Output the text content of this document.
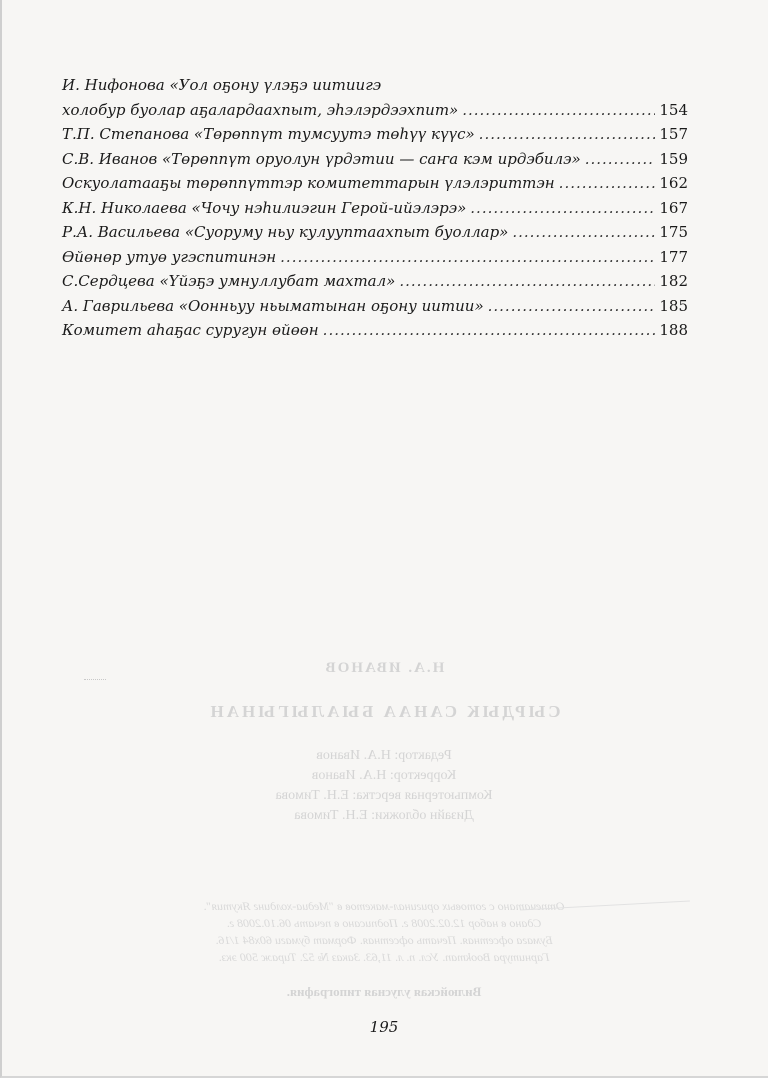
И. Нифонова «Уол оҕону үлэҕэ иитиигэ
холобур буолар аҕалардаахпыт, эһэлэрдээхпит» .....	154
Т.П. Степанова «Төрөппүт тумсуутэ төһүү күүс» .....	157
С.В. Иванов «Төрөппүт оруолун үрдэтии — саҥа кэм ирдэбилэ» .....	159
Оскуолатааҕы төрөппүттэр комитеттарын үлэлэриттэн .....	162
К.Н. Николаева «Чочу нэһилиэгин Герой-ийэлэрэ» .....	167
Р.А. Васильева «Суоруму ньу кулууптаахпыт буоллар» .....	175
Өйөнөр утуө угэспитинэн .....	177
С.Сердцева «Үйэҕэ умнуллубат махтал» .....	182
А. Гаврильева «Оонньуу ньыматынан оҕону иитии» .....	185
Комитет аһаҕас суругун өйөөн .....	188
Н.А. ИВАНОВ
СЫРДЫК САНАА БЫАЛЫГЫНАН
Редактор: Н.А. Иванов
Корректор: Н.А. Иванов
Компьютерная верстка: Е.Н. Тимова
Дизайн обложки: Е.Н. Тимова
Отпечатано с готовых оригинал-макетов в "Медиа-холдинг Якутия".
Сдано в набор 12.02.2008 г. Подписано в печать 06.10.2008 г.
Бумага офсетная. Печать офсетная. Формат бумаги 60х84 1/16.
Гарнитура Bookman. Усл. п. л. 11,63. Заказ № 52. Тираж 500 экз.
Вилюйская улусная типография.
195
